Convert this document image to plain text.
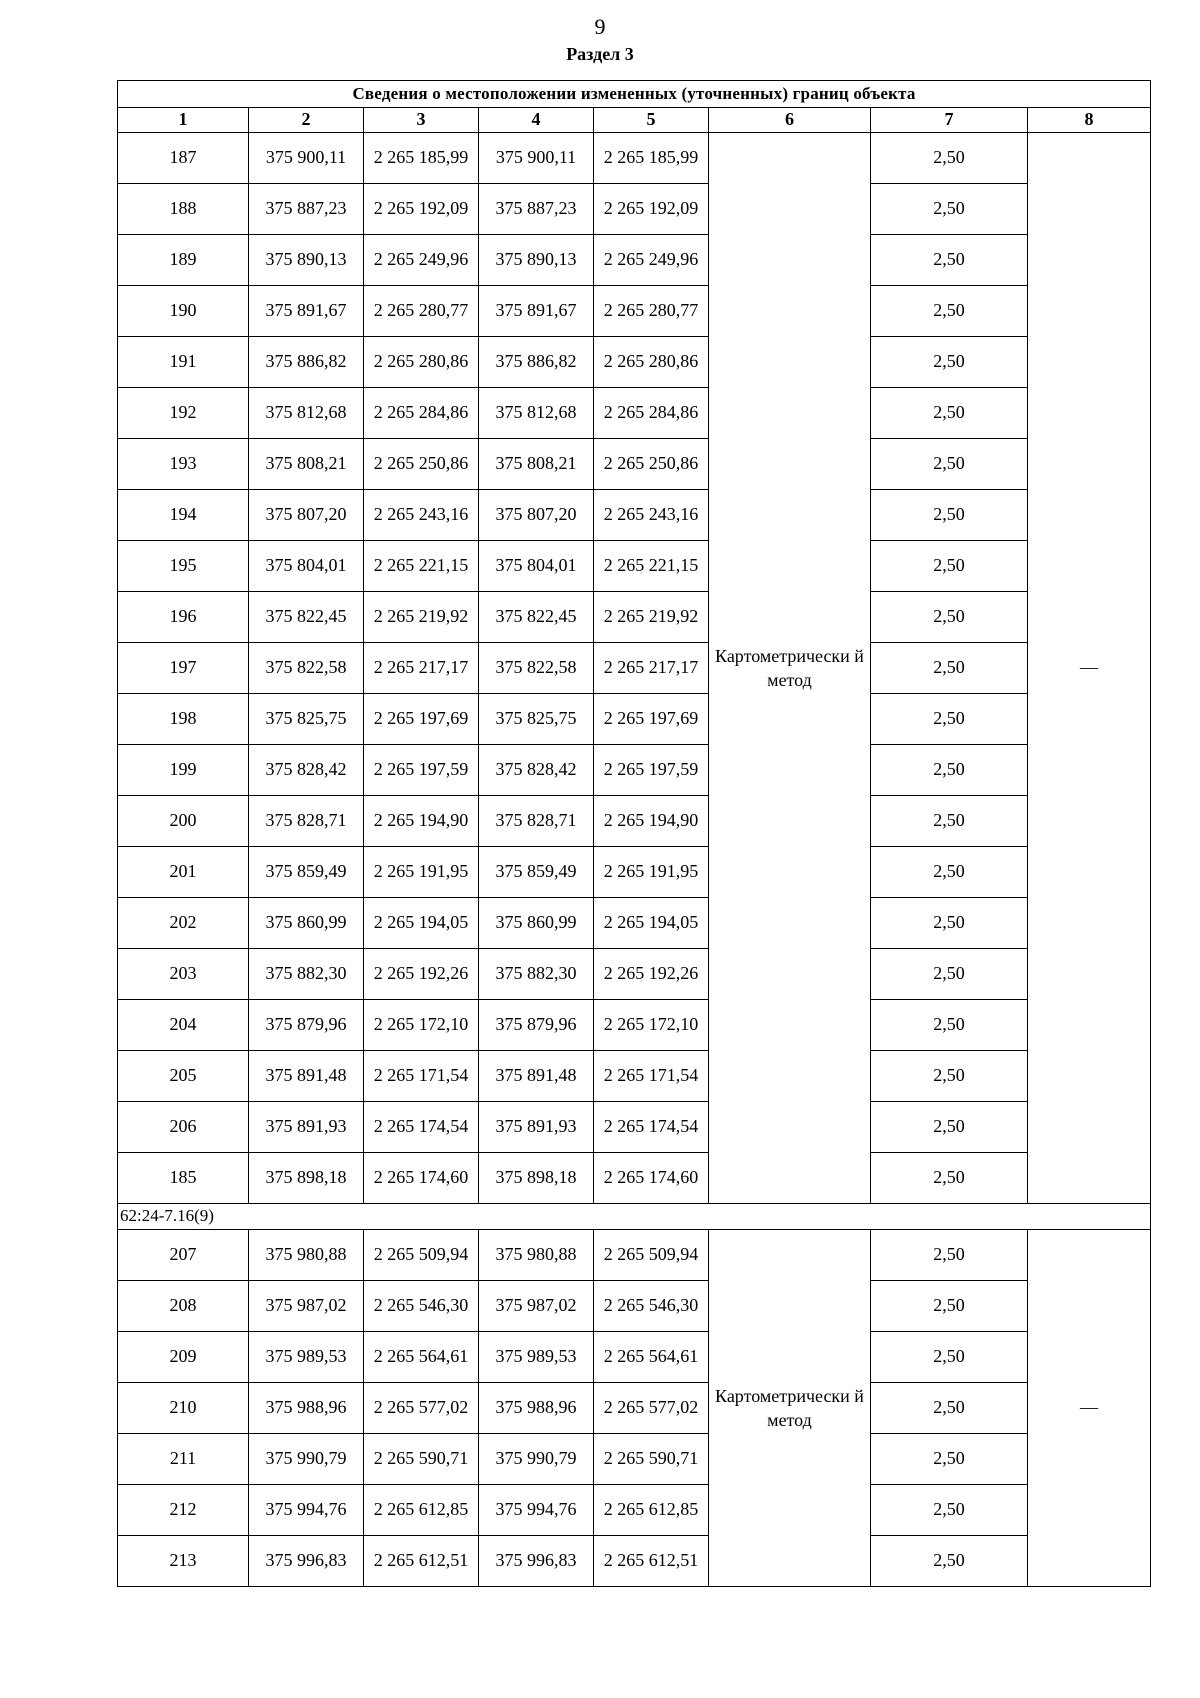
9
Раздел 3
Сведения о местоположении измененных (уточненных) границ объекта							
1	2	3	4	5	6	7	8
187	375 900,11	2 265 185,99	375 900,11	2 265 185,99	Картометрически й метод	2,50	—
188	375 887,23	2 265 192,09	375 887,23	2 265 192,09		2,50	
189	375 890,13	2 265 249,96	375 890,13	2 265 249,96		2,50	
190	375 891,67	2 265 280,77	375 891,67	2 265 280,77		2,50	
191	375 886,82	2 265 280,86	375 886,82	2 265 280,86		2,50	
192	375 812,68	2 265 284,86	375 812,68	2 265 284,86		2,50	
193	375 808,21	2 265 250,86	375 808,21	2 265 250,86		2,50	
194	375 807,20	2 265 243,16	375 807,20	2 265 243,16		2,50	
195	375 804,01	2 265 221,15	375 804,01	2 265 221,15		2,50	
196	375 822,45	2 265 219,92	375 822,45	2 265 219,92		2,50	
197	375 822,58	2 265 217,17	375 822,58	2 265 217,17		2,50	
198	375 825,75	2 265 197,69	375 825,75	2 265 197,69		2,50	
199	375 828,42	2 265 197,59	375 828,42	2 265 197,59		2,50	
200	375 828,71	2 265 194,90	375 828,71	2 265 194,90		2,50	
201	375 859,49	2 265 191,95	375 859,49	2 265 191,95		2,50	
202	375 860,99	2 265 194,05	375 860,99	2 265 194,05		2,50	
203	375 882,30	2 265 192,26	375 882,30	2 265 192,26		2,50	
204	375 879,96	2 265 172,10	375 879,96	2 265 172,10		2,50	
205	375 891,48	2 265 171,54	375 891,48	2 265 171,54		2,50	
206	375 891,93	2 265 174,54	375 891,93	2 265 174,54		2,50	
185	375 898,18	2 265 174,60	375 898,18	2 265 174,60		2,50	
62:24-7.16(9)							
207	375 980,88	2 265 509,94	375 980,88	2 265 509,94	Картометрически й метод	2,50	—
208	375 987,02	2 265 546,30	375 987,02	2 265 546,30		2,50	
209	375 989,53	2 265 564,61	375 989,53	2 265 564,61		2,50	
210	375 988,96	2 265 577,02	375 988,96	2 265 577,02		2,50	
211	375 990,79	2 265 590,71	375 990,79	2 265 590,71		2,50	
212	375 994,76	2 265 612,85	375 994,76	2 265 612,85		2,50	
213	375 996,83	2 265 612,51	375 996,83	2 265 612,51		2,50	
